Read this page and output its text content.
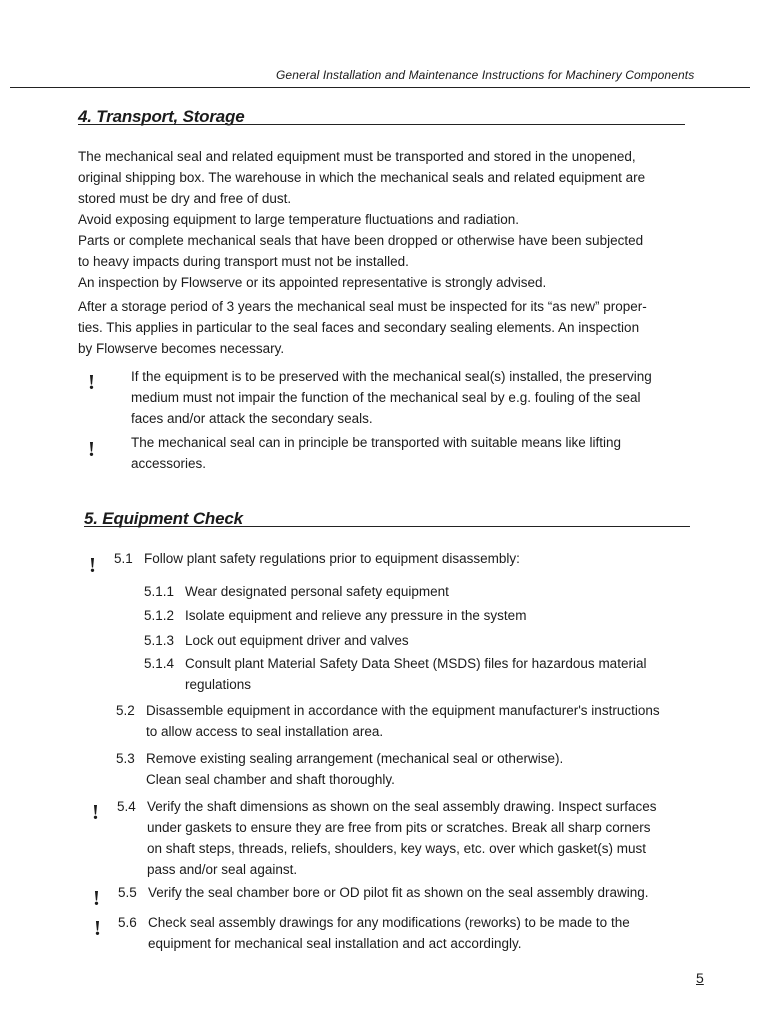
General Installation and Maintenance Instructions for Machinery Components
4. Transport, Storage
The mechanical seal and related equipment must be transported and stored in the unopened,
original shipping box. The warehouse in which the mechanical seals and related equipment are
stored must be dry and free of dust.
Avoid exposing equipment to large temperature fluctuations and radiation.
Parts or complete mechanical seals that have been dropped or otherwise have been subjected
to heavy impacts during transport must not be installed.
An inspection by Flowserve or its appointed representative is strongly advised.
After a storage period of 3 years the mechanical seal must be inspected for its “as new” proper-
ties. This applies in particular to the seal faces and secondary sealing elements. An inspection
by Flowserve becomes necessary.
!	If the equipment is to be preserved with the mechanical seal(s) installed, the preserving
medium must not impair the function of the mechanical seal by e.g. fouling of the seal
faces and/or attack the secondary seals.
!	The mechanical seal can in principle be transported with suitable means like lifting
accessories.
5. Equipment Check
! 5.1 Follow plant safety regulations prior to equipment disassembly:
5.1.1 Wear designated personal safety equipment
5.1.2 Isolate equipment and relieve any pressure in the system
5.1.3 Lock out equipment driver and valves
5.1.4 Consult plant Material Safety Data Sheet (MSDS) files for hazardous material
regulations
5.2 Disassemble equipment in accordance with the equipment manufacturer's instructions
to allow access to seal installation area.
5.3 Remove existing sealing arrangement (mechanical seal or otherwise).
Clean seal chamber and shaft thoroughly.
! 5.4 Verify the shaft dimensions as shown on the seal assembly drawing. Inspect surfaces
under gaskets to ensure they are free from pits or scratches. Break all sharp corners
on shaft steps, threads, reliefs, shoulders, key ways, etc. over which gasket(s) must
pass and/or seal against.
! 5.5 Verify the seal chamber bore or OD pilot fit as shown on the seal assembly drawing.
! 5.6 Check seal assembly drawings for any modifications (reworks) to be made to the
equipment for mechanical seal installation and act accordingly.
5
